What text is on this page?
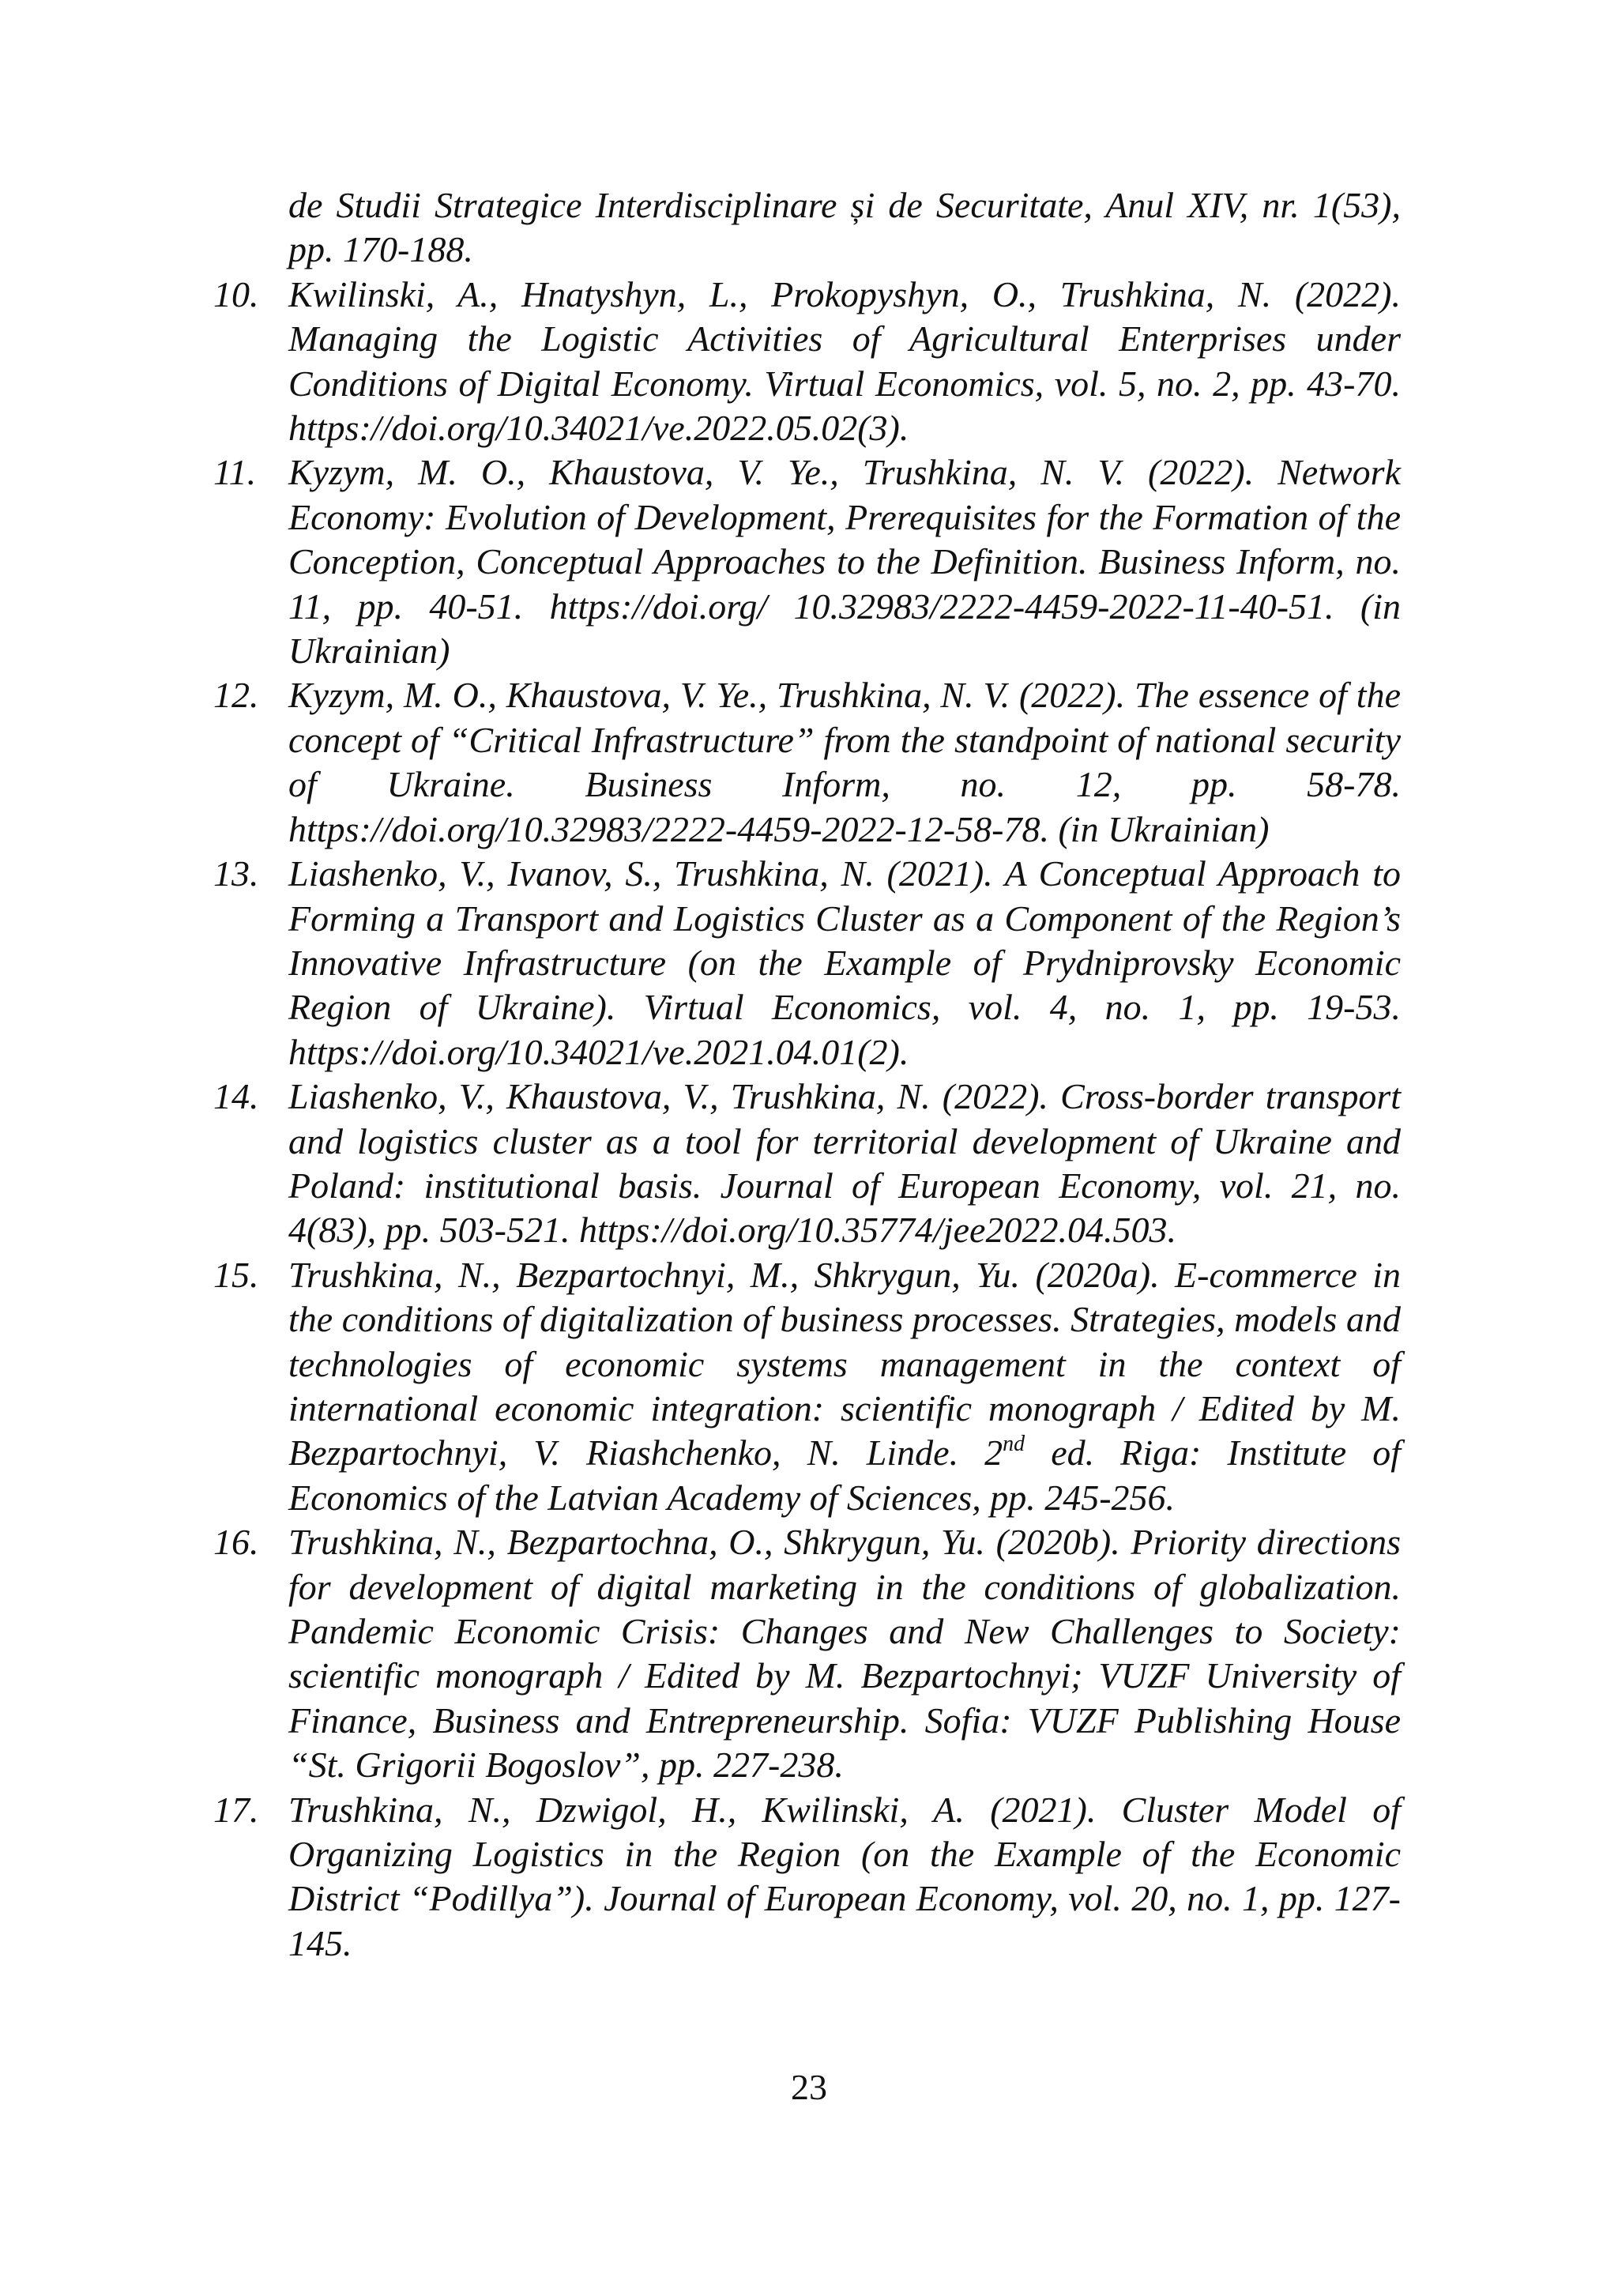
de Studii Strategice Interdisciplinare și de Securitate, Anul XIV, nr. 1(53), pp. 170-188.
10. Kwilinski, A., Hnatyshyn, L., Prokopyshyn, O., Trushkina, N. (2022). Managing the Logistic Activities of Agricultural Enterprises under Conditions of Digital Economy. Virtual Economics, vol. 5, no. 2, pp. 43-70. https://doi.org/10.34021/ve.2022.05.02(3).
11. Kyzym, M. O., Khaustova, V. Ye., Trushkina, N. V. (2022). Network Economy: Evolution of Development, Prerequisites for the Formation of the Conception, Conceptual Approaches to the Definition. Business Inform, no. 11, pp. 40-51. https://doi.org/ 10.32983/2222-4459-2022-11-40-51. (in Ukrainian)
12. Kyzym, M. O., Khaustova, V. Ye., Trushkina, N. V. (2022). The essence of the concept of “Critical Infrastructure” from the standpoint of national security of Ukraine. Business Inform, no. 12, pp. 58-78. https://doi.org/10.32983/2222-4459-2022-12-58-78. (in Ukrainian)
13. Liashenko, V., Ivanov, S., Trushkina, N. (2021). A Conceptual Approach to Forming a Transport and Logistics Cluster as a Component of the Region’s Innovative Infrastructure (on the Example of Prydniprovsky Economic Region of Ukraine). Virtual Economics, vol. 4, no. 1, pp. 19-53. https://doi.org/10.34021/ve.2021.04.01(2).
14. Liashenko, V., Khaustova, V., Trushkina, N. (2022). Cross-border transport and logistics cluster as a tool for territorial development of Ukraine and Poland: institutional basis. Journal of European Economy, vol. 21, no. 4(83), pp. 503-521. https://doi.org/10.35774/jee2022.04.503.
15. Trushkina, N., Bezpartochnyi, M., Shkrygun, Yu. (2020a). E-commerce in the conditions of digitalization of business processes. Strategies, models and technologies of economic systems management in the context of international economic integration: scientific monograph / Edited by M. Bezpartochnyi, V. Riashchenko, N. Linde. 2nd ed. Riga: Institute of Economics of the Latvian Academy of Sciences, pp. 245-256.
16. Trushkina, N., Bezpartochna, O., Shkrygun, Yu. (2020b). Priority directions for development of digital marketing in the conditions of globalization. Pandemic Economic Crisis: Changes and New Challenges to Society: scientific monograph / Edited by M. Bezpartochnyi; VUZF University of Finance, Business and Entrepreneurship. Sofia: VUZF Publishing House “St. Grigorii Bogoslov”, pp. 227-238.
17. Trushkina, N., Dzwigol, H., Kwilinski, A. (2021). Cluster Model of Organizing Logistics in the Region (on the Example of the Economic District “Podillya”). Journal of European Economy, vol. 20, no. 1, pp. 127-145.
23
